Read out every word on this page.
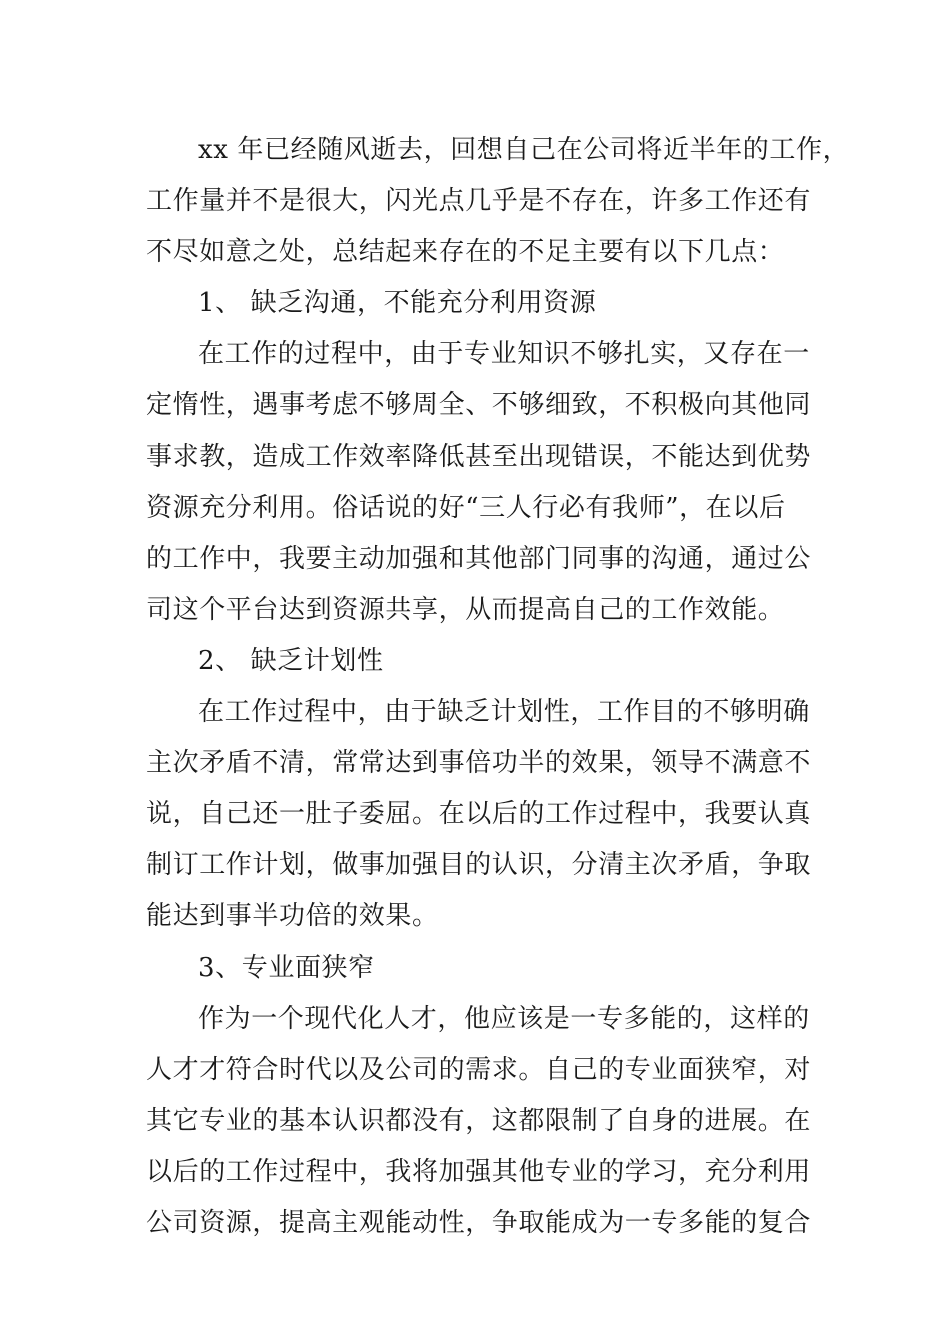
xx 年已经随风逝去，回想自己在公司将近半年的工作，
工作量并不是很大，闪光点几乎是不存在，许多工作还有
不尽如意之处，总结起来存在的不足主要有以下几点：
1、 缺乏沟通，不能充分利用资源
在工作的过程中，由于专业知识不够扎实，又存在一
定惰性，遇事考虑不够周全、不够细致，不积极向其他同
事求教，造成工作效率降低甚至出现错误，不能达到优势
资源充分利用。俗话说的好“三人行必有我师”，在以后
的工作中，我要主动加强和其他部门同事的沟通，通过公
司这个平台达到资源共享，从而提高自己的工作效能。
2、 缺乏计划性
在工作过程中，由于缺乏计划性，工作目的不够明确
主次矛盾不清，常常达到事倍功半的效果，领导不满意不
说，自己还一肚子委屈。在以后的工作过程中，我要认真
制订工作计划，做事加强目的认识，分清主次矛盾，争取
能达到事半功倍的效果。
3、专业面狭窄
作为一个现代化人才，他应该是一专多能的，这样的
人才才符合时代以及公司的需求。自己的专业面狭窄，对
其它专业的基本认识都没有，这都限制了自身的进展。在
以后的工作过程中，我将加强其他专业的学习，充分利用
公司资源，提高主观能动性，争取能成为一专多能的复合
